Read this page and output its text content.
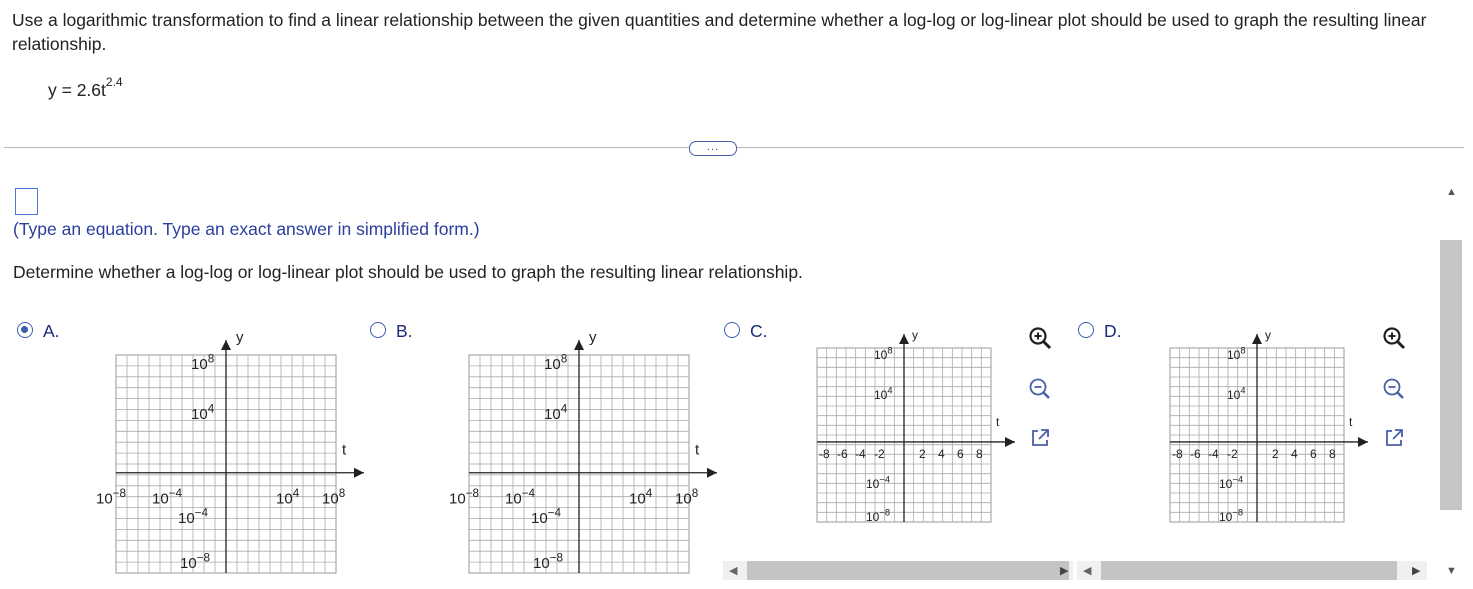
Use a logarithmic transformation to find a linear relationship between the given quantities and determine whether a log-log or log-linear plot should be used to graph the resulting linear relationship.
$y = 2.6t^{2.4}$
...
(Type an equation. Type an exact answer in simplified form.)
Determine whether a log-log or log-linear plot should be used to graph the resulting linear relationship.
A.	B.	C.	D.
$10^8$
$10^4$
$10^{-4}$
$10^{-8}$
$10^{-8}$ $10^{-4}$	$10^4$ $10^8$
y
t
$10^8$
$10^4$
$10^{-4}$
$10^{-8}$
$10^{-8}$ $10^{-4}$	$10^4$ $10^8$
y
t
$10^8$
$10^4$
$10^{-4}$
$10^{-8}$
-8 -6 -4 -2	2 4 6 8
y
t
$10^8$
$10^4$
$10^{-4}$
$10^{-8}$
-8 -6 -4 -2	2 4 6 8
y
t
◀	▶ ◀	▶
▲
▼
